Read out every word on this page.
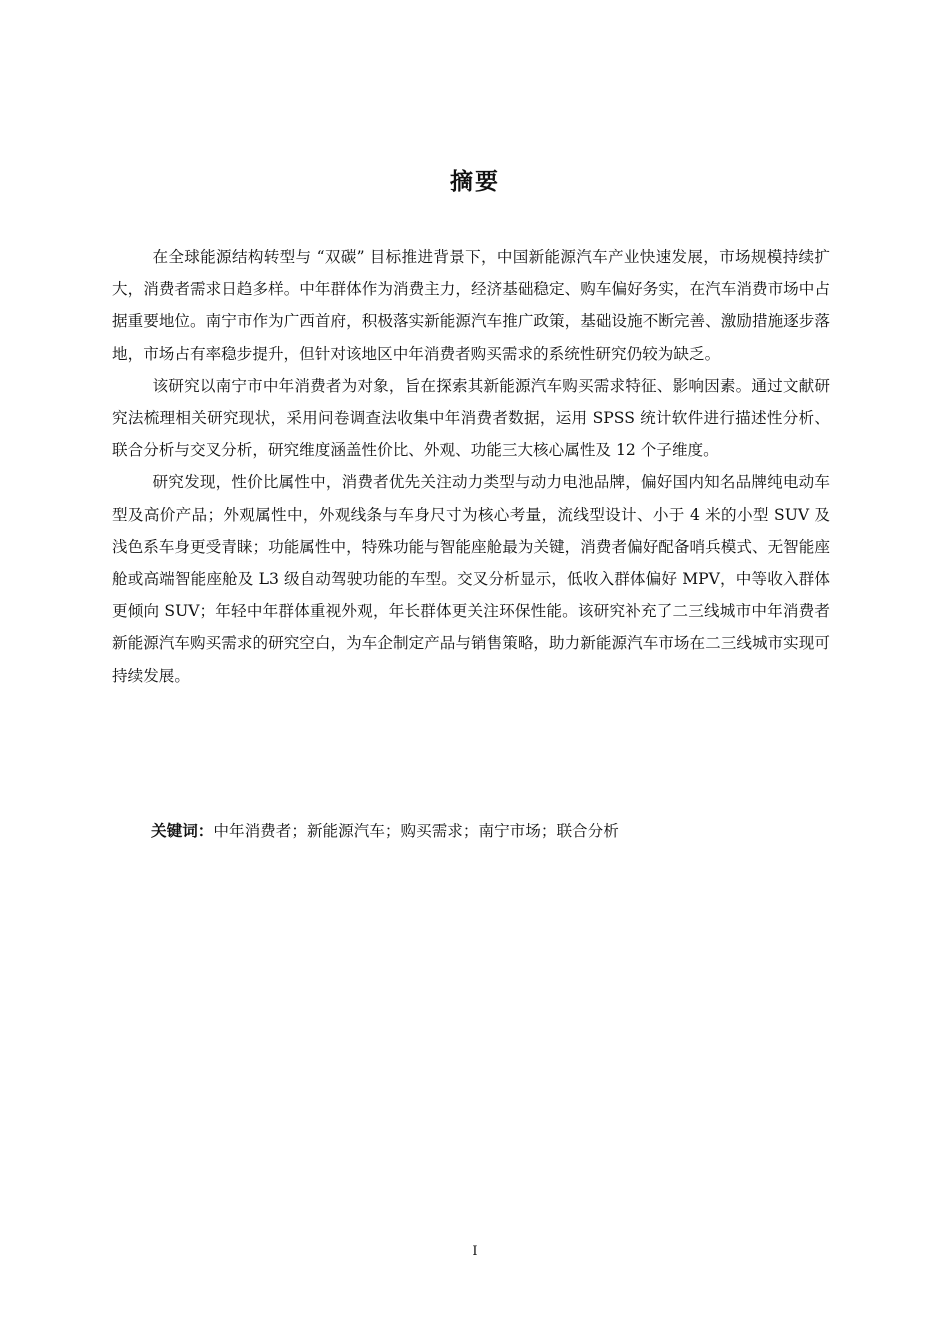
摘要

在全球能源结构转型与 “双碳” 目标推进背景下，中国新能源汽车产业快速发展，市场规模持续扩大，消费者需求日趋多样。中年群体作为消费主力，经济基础稳定、购车偏好务实，在汽车消费市场中占据重要地位。南宁市作为广西首府，积极落实新能源汽车推广政策，基础设施不断完善、激励措施逐步落地，市场占有率稳步提升，但针对该地区中年消费者购买需求的系统性研究仍较为缺乏。

该研究以南宁市中年消费者为对象，旨在探索其新能源汽车购买需求特征、影响因素。通过文献研究法梳理相关研究现状，采用问卷调查法收集中年消费者数据，运用 SPSS 统计软件进行描述性分析、联合分析与交叉分析，研究维度涵盖性价比、外观、功能三大核心属性及 12 个子维度。

研究发现，性价比属性中，消费者优先关注动力类型与动力电池品牌，偏好国内知名品牌纯电动车型及高价产品；外观属性中，外观线条与车身尺寸为核心考量，流线型设计、小于 4 米的小型 SUV 及浅色系车身更受青睐；功能属性中，特殊功能与智能座舱最为关键，消费者偏好配备哨兵模式、无智能座舱或高端智能座舱及 L3 级自动驾驶功能的车型。交叉分析显示，低收入群体偏好 MPV，中等收入群体更倾向 SUV；年轻中年群体重视外观，年长群体更关注环保性能。该研究补充了二三线城市中年消费者新能源汽车购买需求的研究空白，为车企制定产品与销售策略，助力新能源汽车市场在二三线城市实现可持续发展。

关键词：中年消费者；新能源汽车；购买需求；南宁市场；联合分析
I
